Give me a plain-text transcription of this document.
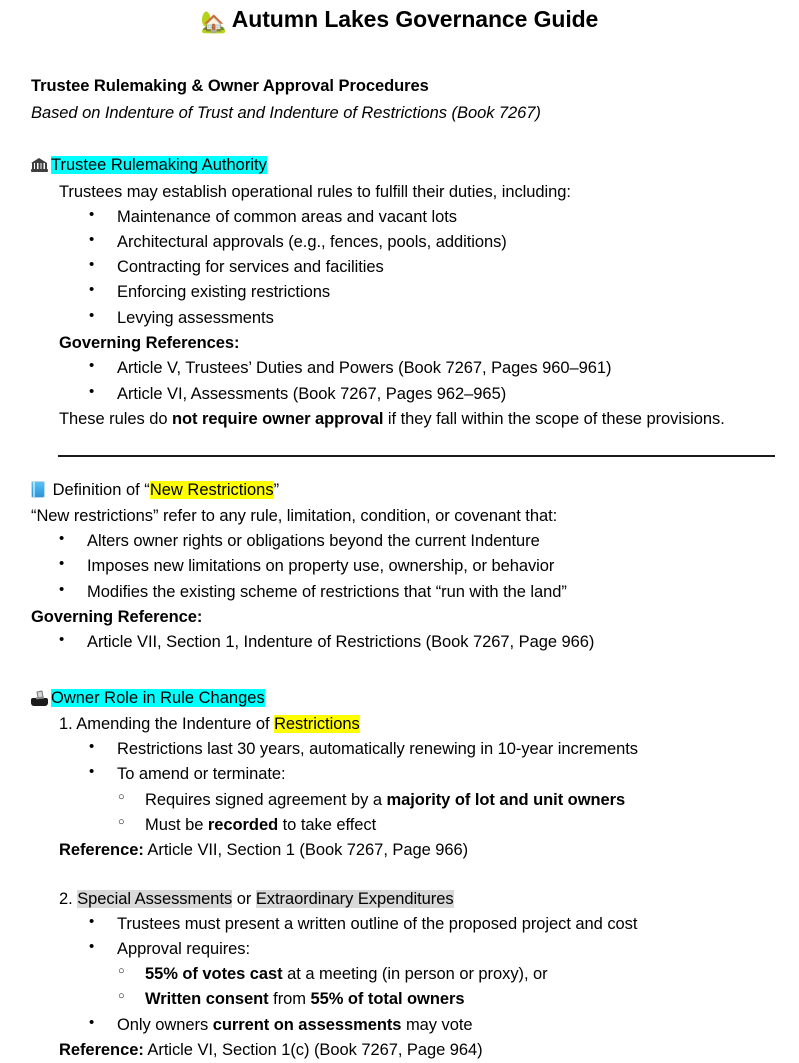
🏡 Autumn Lakes Governance Guide
Trustee Rulemaking & Owner Approval Procedures
Based on Indenture of Trust and Indenture of Restrictions (Book 7267)
Trustee Rulemaking Authority
Trustees may establish operational rules to fulfill their duties, including:
• Maintenance of common areas and vacant lots
• Architectural approvals (e.g., fences, pools, additions)
• Contracting for services and facilities
• Enforcing existing restrictions
• Levying assessments
Governing References:
• Article V, Trustees’ Duties and Powers (Book 7267, Pages 960–961)
• Article VI, Assessments (Book 7267, Pages 962–965)
These rules do not require owner approval if they fall within the scope of these provisions.
Definition of “New Restrictions”
“New restrictions” refer to any rule, limitation, condition, or covenant that:
• Alters owner rights or obligations beyond the current Indenture
• Imposes new limitations on property use, ownership, or behavior
• Modifies the existing scheme of restrictions that “run with the land”
Governing Reference:
• Article VII, Section 1, Indenture of Restrictions (Book 7267, Page 966)
Owner Role in Rule Changes
1. Amending the Indenture of Restrictions
• Restrictions last 30 years, automatically renewing in 10-year increments
• To amend or terminate:
○ Requires signed agreement by a majority of lot and unit owners
○ Must be recorded to take effect
Reference: Article VII, Section 1 (Book 7267, Page 966)
2. Special Assessments or Extraordinary Expenditures
• Trustees must present a written outline of the proposed project and cost
• Approval requires:
○ 55% of votes cast at a meeting (in person or proxy), or
○ Written consent from 55% of total owners
• Only owners current on assessments may vote
Reference: Article VI, Section 1(c) (Book 7267, Page 964)
